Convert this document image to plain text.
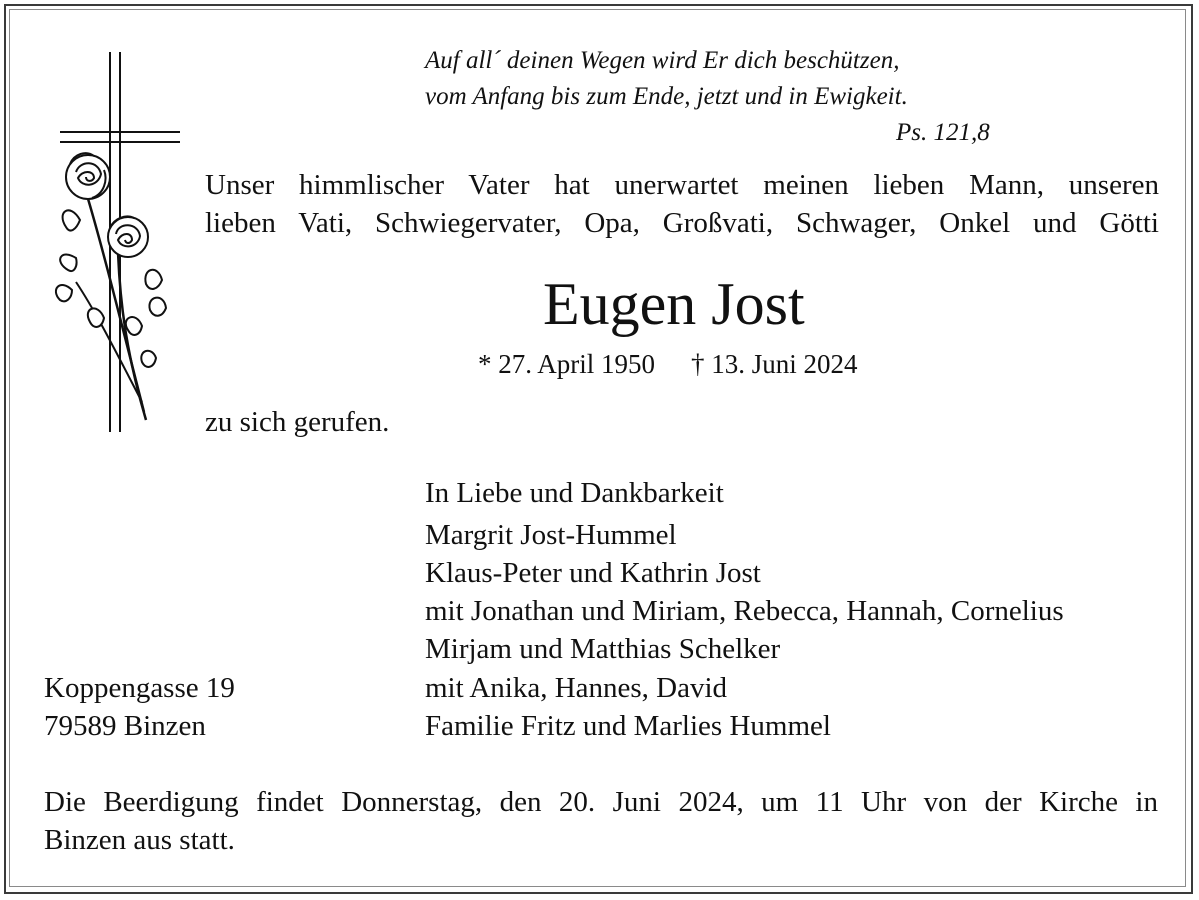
Auf all´ deinen Wegen wird Er dich beschützen,
vom Anfang bis zum Ende, jetzt und in Ewigkeit.
Ps. 121,8
Unser himmlischer Vater hat unerwartet meinen lieben Mann, unseren
lieben Vati, Schwiegervater, Opa, Großvati, Schwager, Onkel und Götti
Eugen Jost
* 27. April 1950 † 13. Juni 2024
zu sich gerufen.
In Liebe und Dankbarkeit
Margrit Jost-Hummel
Klaus-Peter und Kathrin Jost
mit Jonathan und Miriam, Rebecca, Hannah, Cornelius
Mirjam und Matthias Schelker
mit Anika, Hannes, David
Familie Fritz und Marlies Hummel
Koppengasse 19
79589 Binzen
Die Beerdigung findet Donnerstag, den 20. Juni 2024, um 11 Uhr von der Kirche in
Binzen aus statt.
